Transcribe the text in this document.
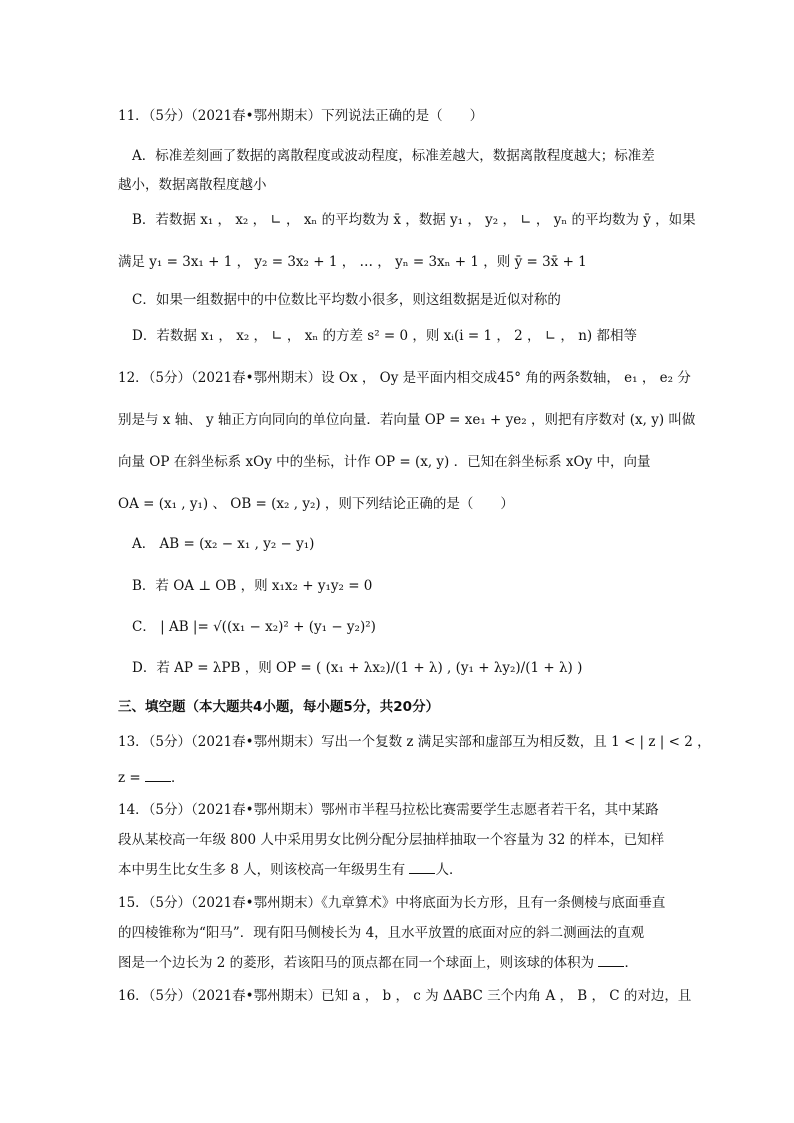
11．（5分）（2021春•鄂州期末）下列说法正确的是（　　）
A．标准差刻画了数据的离散程度或波动程度，标准差越大，数据离散程度越大；标准差
越小，数据离散程度越小
B．若数据 x₁ ， x₂ ， ∟ ， xₙ 的平均数为 x̄ ，数据 y₁ ， y₂ ， ∟ ， yₙ 的平均数为 ȳ ，如果
满足 y₁ = 3x₁ + 1 ， y₂ = 3x₂ + 1 ， … ， yₙ = 3xₙ + 1 ，则 ȳ = 3x̄ + 1
C．如果一组数据中的中位数比平均数小很多，则这组数据是近似对称的
D．若数据 x₁ ， x₂ ， ∟ ， xₙ 的方差 s² = 0 ，则 xᵢ(i = 1 ， 2 ， ∟ ， n) 都相等
12．（5分）（2021春•鄂州期末）设 Ox ， Oy 是平面内相交成45° 角的两条数轴， e₁ ， e₂ 分
别是与 x 轴、 y 轴正方向同向的单位向量．若向量 OP = xe₁ + ye₂ ，则把有序数对 (x, y) 叫做
向量 OP 在斜坐标系 xOy 中的坐标，计作 OP = (x, y) ．已知在斜坐标系 xOy 中，向量
OA = (x₁ , y₁) 、 OB = (x₂ , y₂) ，则下列结论正确的是（　　）
A． AB = (x₂ − x₁ , y₂ − y₁)
B．若 OA ⊥ OB ，则 x₁x₂ + y₁y₂ = 0
C． | AB |= √((x₁ − x₂)² + (y₁ − y₂)²)
D．若 AP = λPB ，则 OP = ( (x₁ + λx₂)/(1 + λ) , (y₁ + λy₂)/(1 + λ) )
三、填空题（本大题共4小题，每小题5分，共20分）
13．（5分）（2021春•鄂州期末）写出一个复数 z 满足实部和虚部互为相反数，且 1 < | z | < 2 ，
z = ．
14．（5分）（2021春•鄂州期末）鄂州市半程马拉松比赛需要学生志愿者若干名，其中某路
段从某校高一年级 800 人中采用男女比例分配分层抽样抽取一个容量为 32 的样本，已知样
本中男生比女生多 8 人，则该校高一年级男生有 人．
15．（5分）（2021春•鄂州期末）《九章算术》中将底面为长方形，且有一条侧棱与底面垂直
的四棱锥称为“阳马”．现有阳马侧棱长为 4，且水平放置的底面对应的斜二测画法的直观
图是一个边长为 2 的菱形，若该阳马的顶点都在同一个球面上，则该球的体积为 ．
16．（5分）（2021春•鄂州期末）已知 a ， b ， c 为 ΔABC 三个内角 A ， B ， C 的对边，且
